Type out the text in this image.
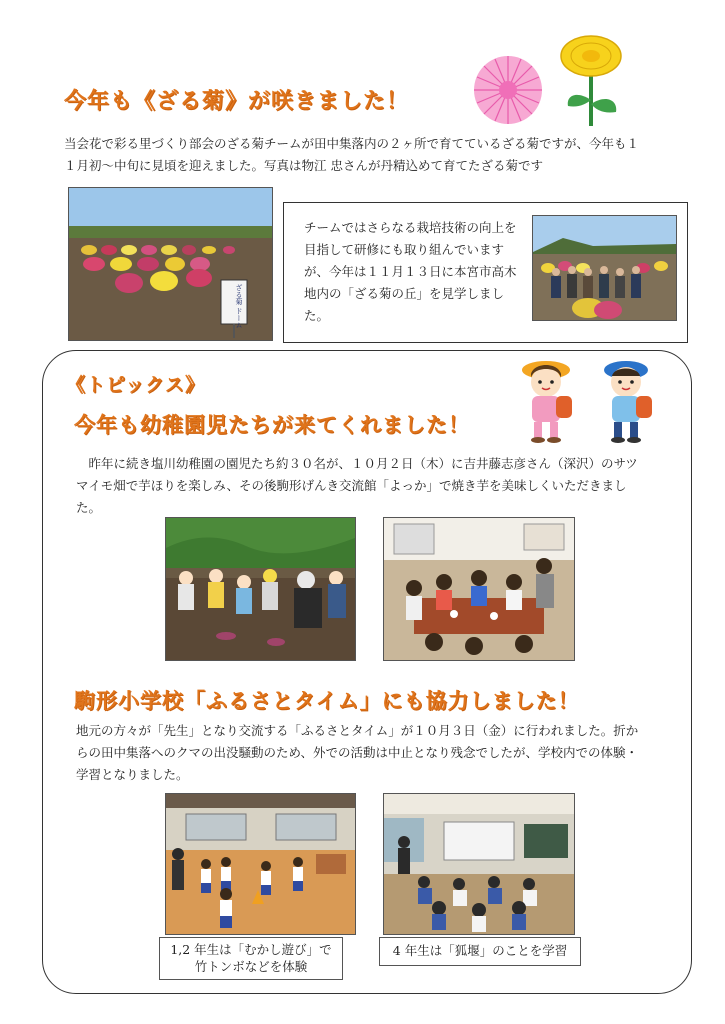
今年も《ざる菊》が咲きました！
当会花で彩る里づくり部会のざる菊チームが田中集落内の２ヶ所で育てているざる菊ですが、今年も１１月初〜中旬に見頃を迎えました。写真は物江 忠さんが丹精込めて育てたざる菊です
ざる菊 ドーム
チームではさらなる栽培技術の向上を目指して研修にも取り組んでいますが、今年は１１月１３日に本宮市高木地内の「ざる菊の丘」を見学しました。
《トピックス》
今年も幼稚園児たちが来てくれました！
　昨年に続き塩川幼稚園の園児たち約３０名が、１０月２日（木）に吉井藤志彦さん（深沢）のサツマイモ畑で芋ほりを楽しみ、その後駒形げんき交流館「よっか」で焼き芋を美味しくいただきました。
駒形小学校「ふるさとタイム」にも協力しました！
地元の方々が「先生」となり交流する「ふるさとタイム」が１０月３日（金）に行われました。折からの田中集落へのクマの出没騒動のため、外での活動は中止となり残念でしたが、学校内での体験・学習となりました。
1,2 年生は「むかし遊び」で
竹トンボなどを体験
4 年生は「狐堰」のことを学習
